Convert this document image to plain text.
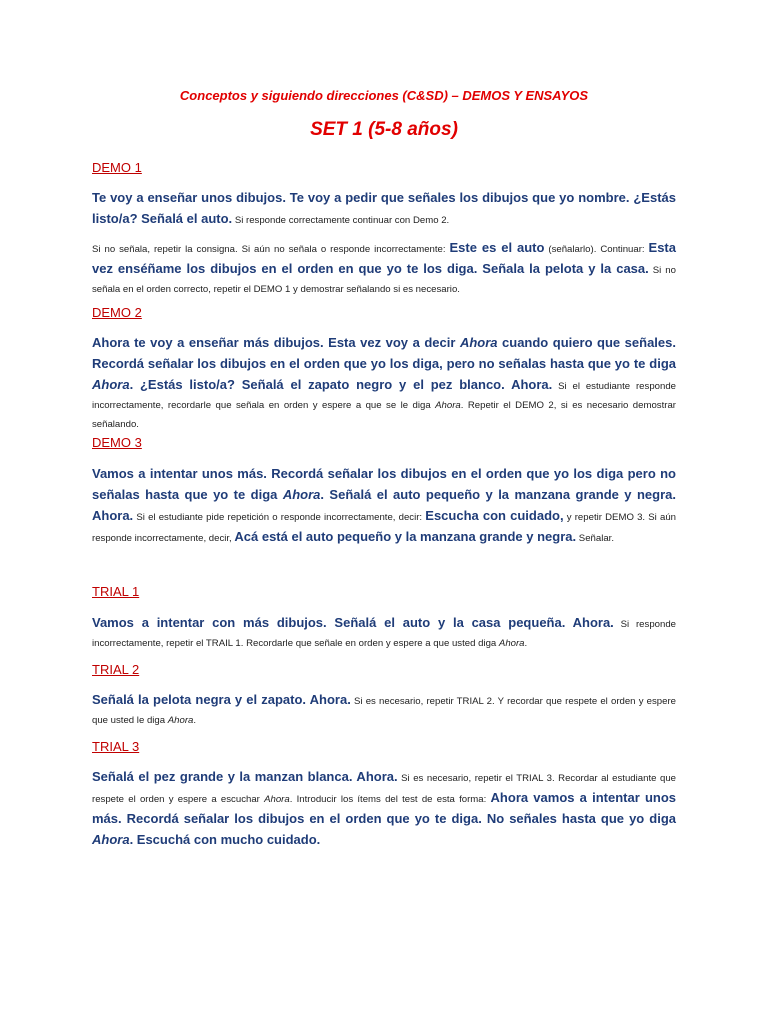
Conceptos y siguiendo direcciones (C&SD) – DEMOS Y ENSAYOS
SET 1 (5-8 años)
DEMO 1
Te voy a enseñar unos dibujos. Te voy a pedir que señales los dibujos que yo nombre. ¿Estás listo/a? Señalá el auto. Si responde correctamente continuar con Demo 2.
Si no señala, repetir la consigna. Si aún no señala o responde incorrectamente: Este es el auto (señalarlo). Continuar: Esta vez enséñame los dibujos en el orden en que yo te los diga. Señala la pelota y la casa. Si no señala en el orden correcto, repetir el DEMO 1 y demostrar señalando si es necesario.
DEMO 2
Ahora te voy a enseñar más dibujos. Esta vez voy a decir Ahora cuando quiero que señales. Recordá señalar los dibujos en el orden que yo los diga, pero no señalas hasta que yo te diga Ahora. ¿Estás listo/a? Señalá el zapato negro y el pez blanco. Ahora. Si el estudiante responde incorrectamente, recordarle que señala en orden y espere a que se le diga Ahora. Repetir el DEMO 2, si es necesario demostrar señalando.
DEMO 3
Vamos a intentar unos más. Recordá señalar los dibujos en el orden que yo los diga pero no señalas hasta que yo te diga Ahora. Señalá el auto pequeño y la manzana grande y negra. Ahora. Si el estudiante pide repetición o responde incorrectamente, decir: Escucha con cuidado, y repetir DEMO 3. Si aún responde incorrectamente, decir, Acá está el auto pequeño y la manzana grande y negra. Señalar.
TRIAL 1
Vamos a intentar con más dibujos. Señalá el auto y la casa pequeña. Ahora. Si responde incorrectamente, repetir el TRAIL 1. Recordarle que señale en orden y espere a que usted diga Ahora.
TRIAL 2
Señalá la pelota negra y el zapato. Ahora. Si es necesario, repetir TRIAL 2. Y recordar que respete el orden y espere que usted le diga Ahora.
TRIAL 3
Señalá el pez grande y la manzan blanca. Ahora. Si es necesario, repetir el TRIAL 3. Recordar al estudiante que respete el orden y espere a escuchar Ahora. Introducir los ítems del test de esta forma: Ahora vamos a intentar unos más. Recordá señalar los dibujos en el orden que yo te diga. No señales hasta que yo diga Ahora. Escuchá con mucho cuidado.
